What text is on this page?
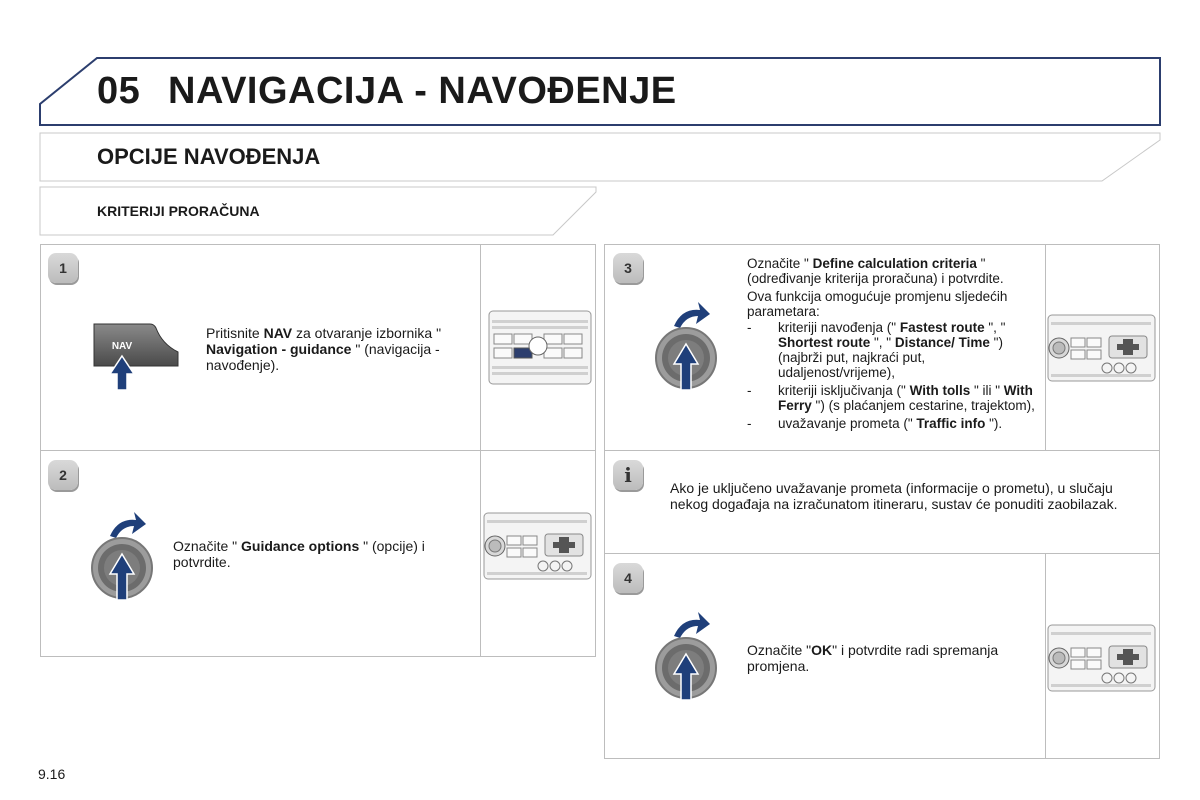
05 NAVIGACIJA - NAVOĐENJE
OPCIJE NAVOĐENJA
KRITERIJI PRORAČUNA
1
NAV
Pritisnite NAV za otvaranje izbornika " Navigation - guidance " (navigacija - navođenje).
2
Označite " Guidance options " (opcije) i potvrdite.
3	Označite " Define calculation criteria " (određivanje kriterija proračuna) i potvrdite.
Ova funkcija omogućuje promjenu sljedećih parametara:
- kriteriji navođenja (" Fastest route ", " Shortest route ", " Distance/ Time ") (najbrži put, najkraći put, udaljenost/vrijeme),
- kriteriji isključivanja (" With tolls " ili " With Ferry ") (s plaćanjem cestarine, trajektom),
- uvažavanje prometa (" Traffic info ").
i
Ako je uključeno uvažavanje prometa (informacije o prometu), u slučaju nekog događaja na izračunatom itineraru, sustav će ponuditi zaobilazak.
4
Označite "OK" i potvrdite radi spremanja promjena.
9.16
